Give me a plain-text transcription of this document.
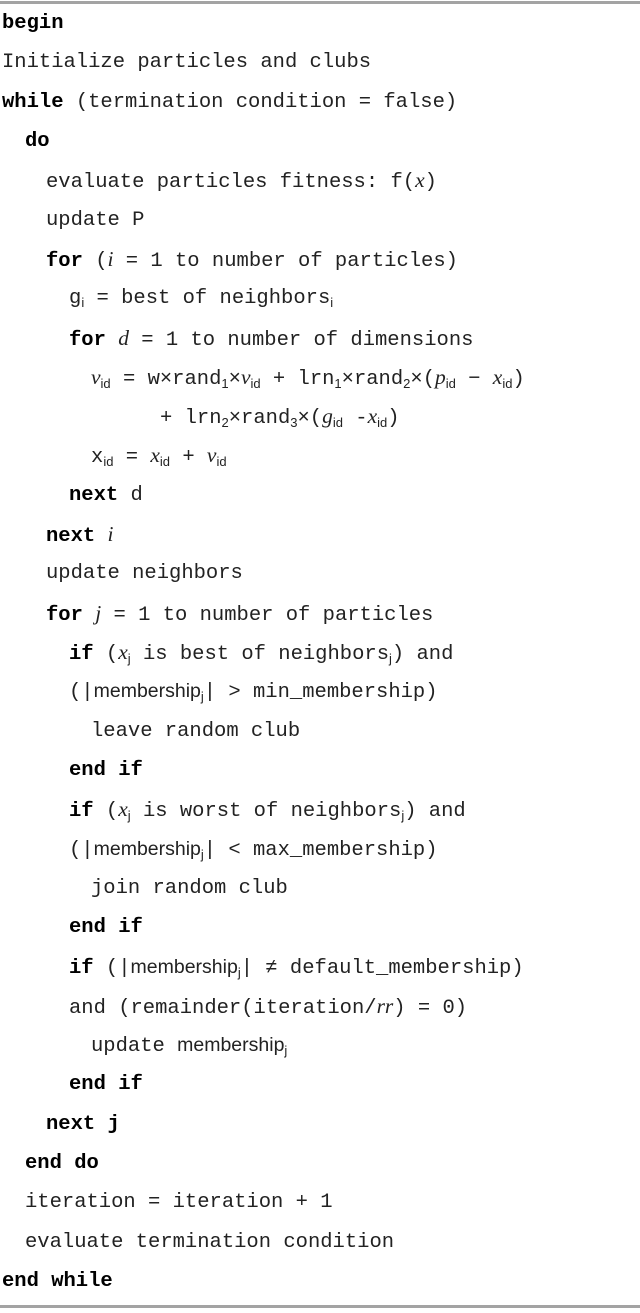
begin
Initialize particles and clubs
while (termination condition = false)
do
evaluate particles fitness: f(x)
update P
for (i = 1 to number of particles)
$g_i$ = best of neighbors$_i$
for d = 1 to number of dimensions
$v_{id}$ = $w\times rand_1\times v_{id}$ + $lrn_1\times rand_2\times(p_{id} - x_{id})$
+ $lrn_2\times rand_3\times(g_{id}$ $-x_{id}$)
$x_{id} = x_{id} + v_{id}$
next d
next i
update neighbors
for j = 1 to number of particles
if ($x_j$ is best of neighbors$_j$) and
(|membership$_j$| > min_membership)
leave random club
end if
if ($x_j$ is worst of neighbors$_j$) and
(|membership$_j$| < max_membership)
join random club
end if
if (|membership$_j$| ≠ default_membership)
and (remainder(iteration/rr) = 0)
update membership$_j$
end if
next j
end do
iteration = iteration + 1
evaluate termination condition
end while
